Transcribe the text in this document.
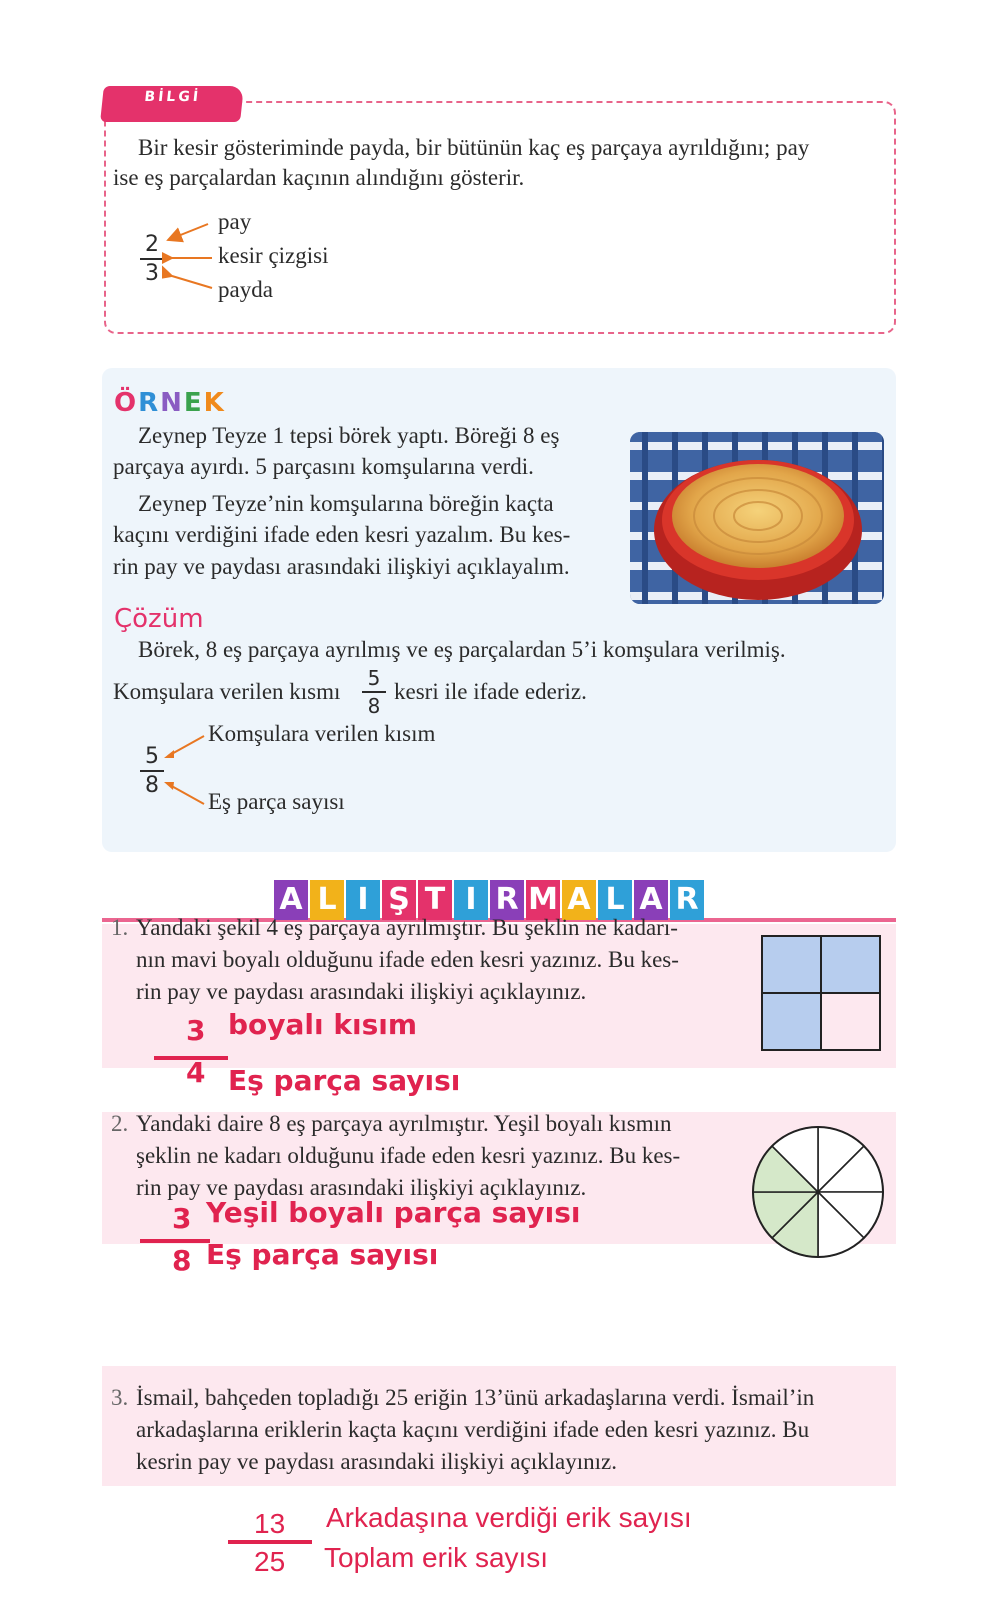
BİLGİ
Bir kesir gösteriminde payda, bir bütünün kaç eş parçaya ayrıldığını; pay
ise eş parçalardan kaçının alındığını gösterir.
2
3
pay
kesir çizgisi
payda
ÖRNEK
Zeynep Teyze 1 tepsi börek yaptı. Böreği 8 eş
parçaya ayırdı. 5 parçasını komşularına verdi.
Zeynep Teyze’nin komşularına böreğin kaçta
kaçını verdiğini ifade eden kesri yazalım. Bu kes-
rin pay ve paydası arasındaki ilişkiyi açıklayalım.
Çözüm
Börek, 8 eş parçaya ayrılmış ve eş parçalardan 5’i komşulara verilmiş.
Komşulara verilen kısmı
5
8
kesri ile ifade ederiz.
5
8
Komşulara verilen kısım
Eş parça sayısı
A L I Ş T I R M A L A R
1. Yandaki şekil 4 eş parçaya ayrılmıştır. Bu şeklin ne kadarı-
nın mavi boyalı olduğunu ifade eden kesri yazınız. Bu kes-
rin pay ve paydası arasındaki ilişkiyi açıklayınız.
3 boyalı kısım
4 Eş parça sayısı
2. Yandaki daire 8 eş parçaya ayrılmıştır. Yeşil boyalı kısmın
şeklin ne kadarı olduğunu ifade eden kesri yazınız. Bu kes-
rin pay ve paydası arasındaki ilişkiyi açıklayınız.
3 Yeşil boyalı parça sayısı
8 Eş parça sayısı
3. İsmail, bahçeden topladığı 25 eriğin 13’ünü arkadaşlarına verdi. İsmail’in
arkadaşlarına eriklerin kaçta kaçını verdiğini ifade eden kesri yazınız. Bu
kesrin pay ve paydası arasındaki ilişkiyi açıklayınız.
13 Arkadaşına verdiği erik sayısı
25 Toplam erik sayısı
